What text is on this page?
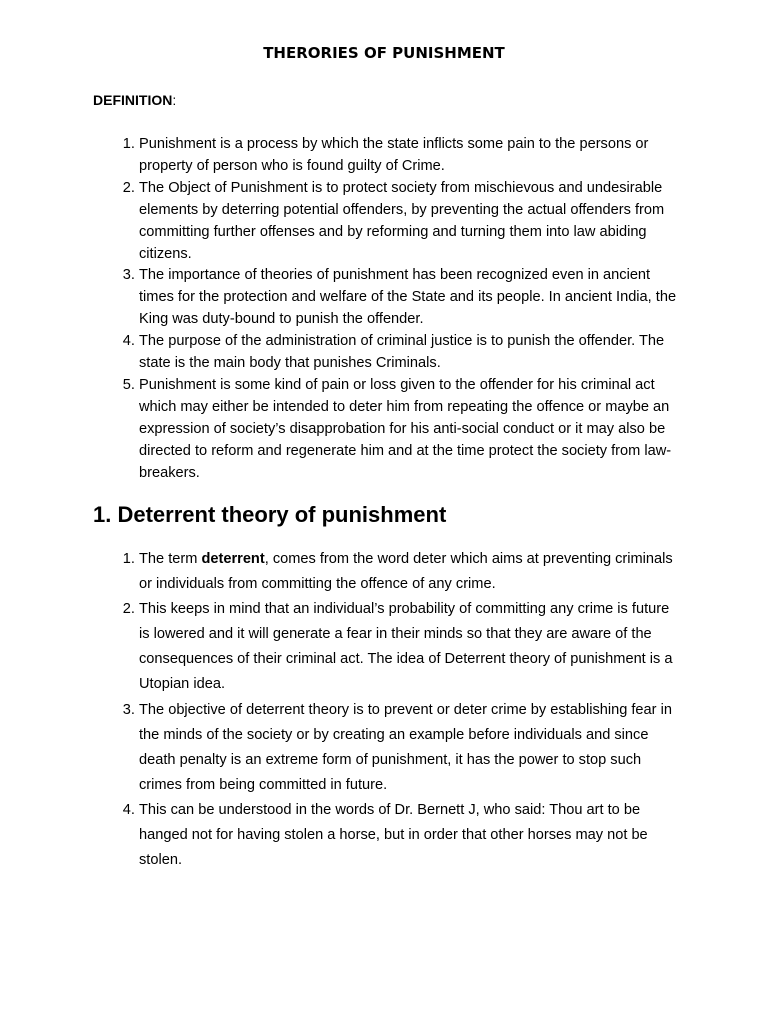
THERORIES OF PUNISHMENT
DEFINITION:
1. Punishment is a process by which the state inflicts some pain to the persons or property of person who is found guilty of Crime.
2. The Object of Punishment is to protect society from mischievous and undesirable elements by deterring potential offenders, by preventing the actual offenders from committing further offenses and by reforming and turning them into law abiding citizens.
3. The importance of theories of punishment has been recognized even in ancient times for the protection and welfare of the State and its people. In ancient India, the King was duty-bound to punish the offender.
4. The purpose of the administration of criminal justice is to punish the offender. The state is the main body that punishes Criminals.
5. Punishment is some kind of pain or loss given to the offender for his criminal act which may either be intended to deter him from repeating the offence or maybe an expression of society’s disapprobation for his anti-social conduct or it may also be directed to reform and regenerate him and at the time protect the society from law-breakers.
1. Deterrent theory of punishment
1. The term deterrent, comes from the word deter which aims at preventing criminals or individuals from committing the offence of any crime.
2. This keeps in mind that an individual’s probability of committing any crime is future is lowered and it will generate a fear in their minds so that they are aware of the consequences of their criminal act. The idea of Deterrent theory of punishment is a Utopian idea.
3. The objective of deterrent theory is to prevent or deter crime by establishing fear in the minds of the society or by creating an example before individuals and since death penalty is an extreme form of punishment, it has the power to stop such crimes from being committed in future.
4. This can be understood in the words of Dr. Bernett J, who said: Thou art to be hanged not for having stolen a horse, but in order that other horses may not be stolen.
